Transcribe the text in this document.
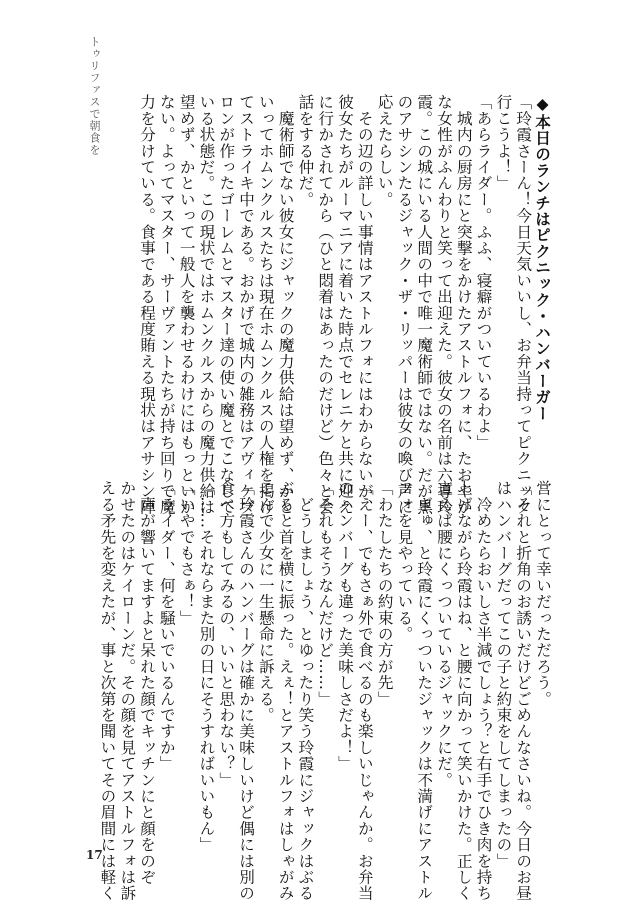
トゥリファスで朝食を	◆本日のランチはピクニック・ハンバーガー
「玲霞さーん！今日天気いいし、お弁当持ってピクニック
行こうよ！」
「あらライダー。ふふ、寝癖がついているわよ」
　城内の厨房にと突撃をかけたアストルフォに、たおやか
な女性がふんわりと笑って出迎えた。彼女の名前は六導玲
霞。この城にいる人間の中で唯一魔術師ではない。だが黒
のアサシンたるジャック・ザ・リッパーは彼女の喚び声に
応えたらしい。
　その辺の詳しい事情はアストルフォにはわからないが、
彼女たちがルーマニアに着いた時点でセレニケと共に迎え
に行かされてから（ひと悶着はあったのだけど）色々と会
話をする仲だ。
　魔術師でない彼女にジャックの魔力供給は望めず、かと
いってホムンクルスたちは現在ホムンクルスの人権を掲げ
てストライキ中である。おかげで城内の雑務はアヴィケブ
ロンが作ったゴーレムとマスター達の使い魔とでこなして
いる状態だ。この現状ではホムンクルスからの魔力供給は
望めず、かといって一般人を襲わせるわけにはもっといか
ない。よってマスター、サーヴァントたちが持ち回りで魔
力を分けている。食事である程度賄える現状はアサシン陣
営にとって幸いだっただろう。
「それと折角のお誘いだけどごめんなさいね。今日のお昼
はハンバーグだってこの子と約束をしてしまったの」
　冷めたらおいしさ半減でしょう？と右手でひき肉を持ち
上げながら玲霞はね、と腰に向かって笑いかけた。正しく
言えば腰にくっついているジャックにだ。
　ぎゅ、と玲霞にくっついたジャックは不満げにアストル
フォを見やっている。
「わたしたちの約束の方が先」
「えー、でもさぁ外で食べるのも楽しいじゃんか。お弁当
のハンバーグも違った美味しさだよ！」
「それもそうなんだけど……」
　どうしましょう、とゆったり笑う玲霞にジャックはぶる
ぶると首を横に振った。えぇ！とアストルフォはしゃがみ
こんで少女に一生懸命に訴える。
「玲霞さんのハンバーグは確かに美味しいけど偶には別の
食べ方もしてみるの、いいと思わない？」
「……それならまた別の日にそうすればいいもん」
「いやでもさぁ！」
「ライダー、何を騒いでいるんですか」
　声が響いてますよと呆れた顔でキッチンにと顔をのぞ
かせたのはケイローンだ。その顔を見てアストルフォは訴
える矛先を変えたが、事と次第を聞いてその眉間には軽く
17
